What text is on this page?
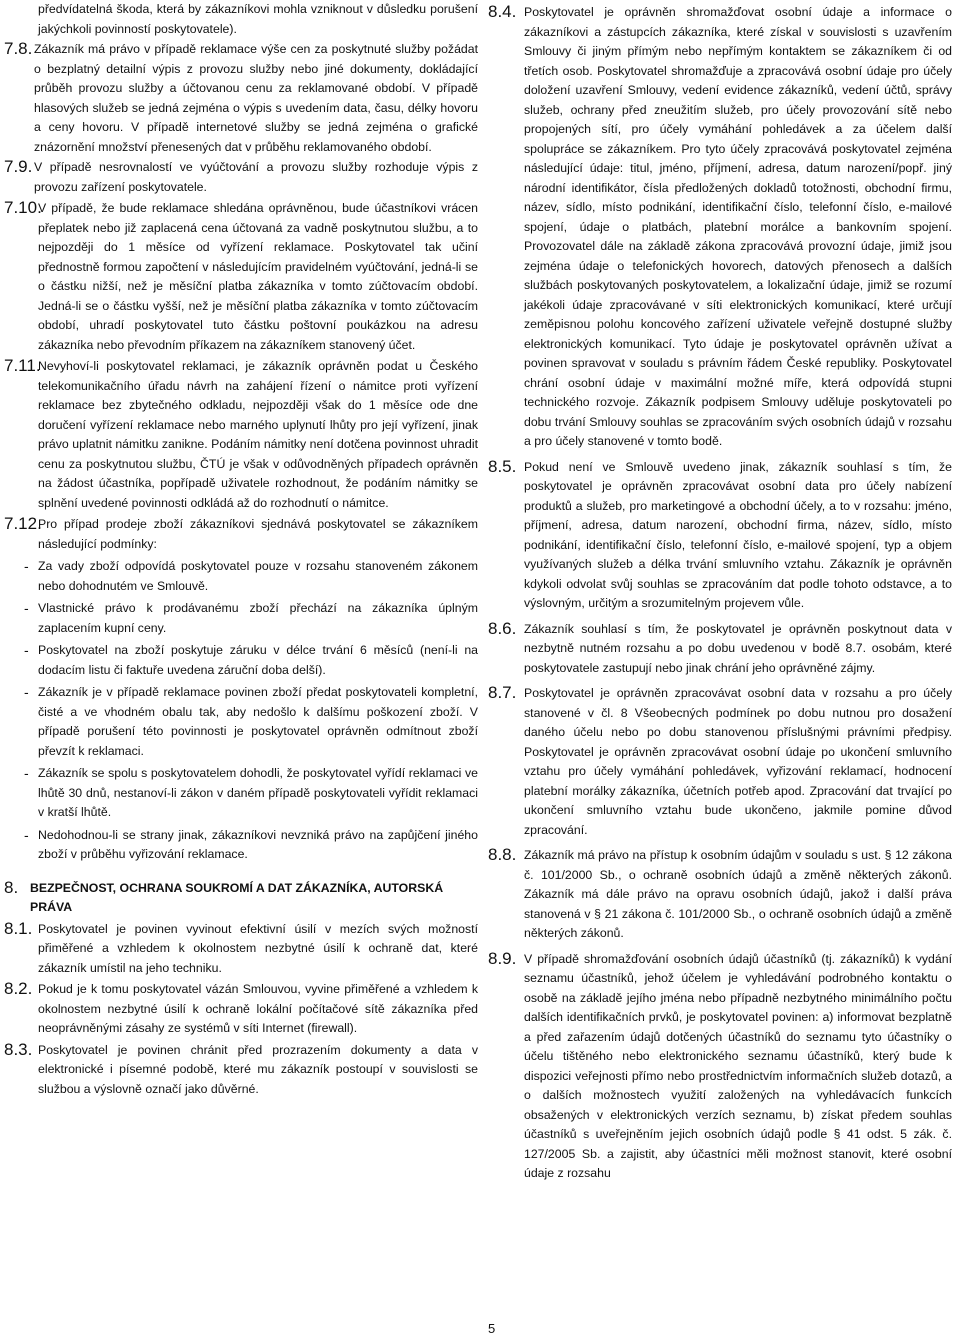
předvídatelná škoda, která by zákazníkovi mohla vzniknout v důsledku porušení jakýchkoli povinností poskytovatele).
7.8. Zákazník má právo v případě reklamace výše cen za poskytnuté služby požádat o bezplatný detailní výpis z provozu služby nebo jiné dokumenty, dokládající průběh provozu služby a účtovanou cenu za reklamované období. V případě hlasových služeb se jedná zejména o výpis s uvedením data, času, délky hovoru a ceny hovoru. V případě internetové služby se jedná zejména o grafické znázornění množství přenesených dat v průběhu reklamovaného období.
7.9. V případě nesrovnalostí ve vyúčtování a provozu služby rozhoduje výpis z provozu zařízení poskytovatele.
7.10.
V případě, že bude reklamace shledána oprávněnou, bude účastníkovi vrácen přeplatek nebo již zaplacená cena účtovaná za vadně poskytnutou službu, a to nejpozději do 1 měsíce od vyřízení reklamace. Poskytovatel tak učiní přednostně formou započtení v následujícím pravidelném vyúčtování, jedná-li se o částku nižší, než je měsíční platba zákazníka v tomto zúčtovacím období. Jedná-li se o částku vyšší, než je měsíční platba zákazníka v tomto zúčtovacím období, uhradí poskytovatel tuto částku poštovní poukázkou na adresu zákazníka nebo převodním příkazem na zákazníkem stanovený účet.
7.11.
Nevyhoví-li poskytovatel reklamaci, je zákazník oprávněn podat u Českého telekomunikačního úřadu návrh na zahájení řízení o námitce proti vyřízení reklamace bez zbytečného odkladu, nejpozději však do 1 měsíce ode dne doručení vyřízení reklamace nebo marného uplynutí lhůty pro její vyřízení, jinak právo uplatnit námitku zanikne. Podáním námitky není dotčena povinnost uhradit cenu za poskytnutou službu, ČTÚ je však v odůvodněných případech oprávněn na žádost účastníka, popřípadě uživatele rozhodnout, že podáním námitky se splnění uvedené povinnosti odkládá až do rozhodnutí o námitce.
7.12.
Pro případ prodeje zboží zákazníkovi sjednává poskytovatel se zákazníkem následující podmínky:
- Za vady zboží odpovídá poskytovatel pouze v rozsahu stanoveném zákonem nebo dohodnutém ve Smlouvě.
- Vlastnické právo k prodávanému zboží přechází na zákazníka úplným zaplacením kupní ceny.
- Poskytovatel na zboží poskytuje záruku v délce trvání 6 měsíců (není-li na dodacím listu či faktuře uvedena záruční doba delší).
- Zákazník je v případě reklamace povinen zboží předat poskytovateli kompletní, čisté a ve vhodném obalu tak, aby nedošlo k dalšímu poškození zboží. V případě porušení této povinnosti je poskytovatel oprávněn odmítnout zboží převzít k reklamaci.
- Zákazník se spolu s poskytovatelem dohodli, že poskytovatel vyřídí reklamaci ve lhůtě 30 dnů, nestanoví-li zákon v daném případě poskytovateli vyřídit reklamaci v kratší lhůtě.
- Nedohodnou-li se strany jinak, zákazníkovi nevzniká právo na zapůjčení jiného zboží v průběhu vyřizování reklamace.
8. BEZPEČNOST, OCHRANA SOUKROMÍ A DAT ZÁKAZNÍKA, AUTORSKÁ PRÁVA
8.1. Poskytovatel je povinen vyvinout efektivní úsilí v mezích svých možností přiměřené a vzhledem k okolnostem nezbytné úsilí k ochraně dat, které zákazník umístil na jeho techniku.
8.2. Pokud je k tomu poskytovatel vázán Smlouvou, vyvine přiměřené a vzhledem k okolnostem nezbytné úsilí k ochraně lokální počítačové sítě zákazníka před neoprávněnými zásahy ze systémů v síti Internet (firewall).
8.3. Poskytovatel je povinen chránit před prozrazením dokumenty a data v elektronické i písemné podobě, které mu zákazník postoupí v souvislosti se službou a výslovně označí jako důvěrné.
8.4. Poskytovatel je oprávněn shromažďovat osobní údaje a informace o zákazníkovi a zástupcích zákazníka, které získal v souvislosti s uzavřením Smlouvy či jiným přímým nebo nepřímým kontaktem se zákazníkem či od třetích osob. Poskytovatel shromažďuje a zpracovává osobní údaje pro účely doložení uzavření Smlouvy, vedení evidence zákazníků, vedení účtů, správy služeb, ochrany před zneužitím služeb, pro účely provozování sítě nebo propojených sítí, pro účely vymáhání pohledávek a za účelem další spolupráce se zákazníkem. Pro tyto účely zpracovává poskytovatel zejména následující údaje: titul, jméno, příjmení, adresa, datum narození/popř. jiný národní identifikátor, čísla předložených dokladů totožnosti, obchodní firmu, název, sídlo, místo podnikání, identifikační číslo, telefonní číslo, e-mailové spojení, údaje o platbách, platební morálce a bankovním spojení. Provozovatel dále na základě zákona zpracovává provozní údaje, jimiž jsou zejména údaje o telefonických hovorech, datových přenosech a dalších službách poskytovaných poskytovatelem, a lokalizační údaje, jimiž se rozumí jakékoli údaje zpracovávané v síti elektronických komunikací, které určují zeměpisnou polohu koncového zařízení uživatele veřejně dostupné služby elektronických komunikací. Tyto údaje je poskytovatel oprávněn užívat a povinen spravovat v souladu s právním řádem České republiky. Poskytovatel chrání osobní údaje v maximální možné míře, která odpovídá stupni technického rozvoje. Zákazník podpisem Smlouvy uděluje poskytovateli po dobu trvání Smlouvy souhlas se zpracováním svých osobních údajů v rozsahu a pro účely stanovené v tomto bodě.
8.5. Pokud není ve Smlouvě uvedeno jinak, zákazník souhlasí s tím, že poskytovatel je oprávněn zpracovávat osobní data pro účely nabízení produktů a služeb, pro marketingové a obchodní účely, a to v rozsahu: jméno, příjmení, adresa, datum narození, obchodní firma, název, sídlo, místo podnikání, identifikační číslo, telefonní číslo, e-mailové spojení, typ a objem využívaných služeb a délka trvání smluvního vztahu. Zákazník je oprávněn kdykoli odvolat svůj souhlas se zpracováním dat podle tohoto odstavce, a to výslovným, určitým a srozumitelným projevem vůle.
8.6. Zákazník souhlasí s tím, že poskytovatel je oprávněn poskytnout data v nezbytně nutném rozsahu a po dobu uvedenou v bodě 8.7. osobám, které poskytovatele zastupují nebo jinak chrání jeho oprávněné zájmy.
8.7. Poskytovatel je oprávněn zpracovávat osobní data v rozsahu a pro účely stanovené v čl. 8 Všeobecných podmínek po dobu nutnou pro dosažení daného účelu nebo po dobu stanovenou příslušnými právními předpisy. Poskytovatel je oprávněn zpracovávat osobní údaje po ukončení smluvního vztahu pro účely vymáhání pohledávek, vyřizování reklamací, hodnocení platební morálky zákazníka, účetních potřeb apod. Zpracování dat trvající po ukončení smluvního vztahu bude ukončeno, jakmile pomine důvod zpracování.
8.8. Zákazník má právo na přístup k osobním údajům v souladu s ust. § 12 zákona č. 101/2000 Sb., o ochraně osobních údajů a změně některých zákonů. Zákazník má dále právo na opravu osobních údajů, jakož i další práva stanovená v § 21 zákona č. 101/2000 Sb., o ochraně osobních údajů a změně některých zákonů.
8.9. V případě shromažďování osobních údajů účastníků (tj. zákazníků) k vydání seznamu účastníků, jehož účelem je vyhledávání podrobného kontaktu o osobě na základě jejího jména nebo případně nezbytného minimálního počtu dalších identifikačních prvků, je poskytovatel povinen: a) informovat bezplatně a před zařazením údajů dotčených účastníků do seznamu tyto účastníky o účelu tištěného nebo elektronického seznamu účastníků, který bude k dispozici veřejnosti přímo nebo prostřednictvím informačních služeb dotazů, a o dalších možnostech využití založených na vyhledávacích funkcích obsažených v elektronických verzích seznamu, b) získat předem souhlas účastníků s uveřejněním jejich osobních údajů podle § 41 odst. 5 zák. č. 127/2005 Sb. a zajistit, aby účastníci měli možnost stanovit, které osobní údaje z rozsahu
5
